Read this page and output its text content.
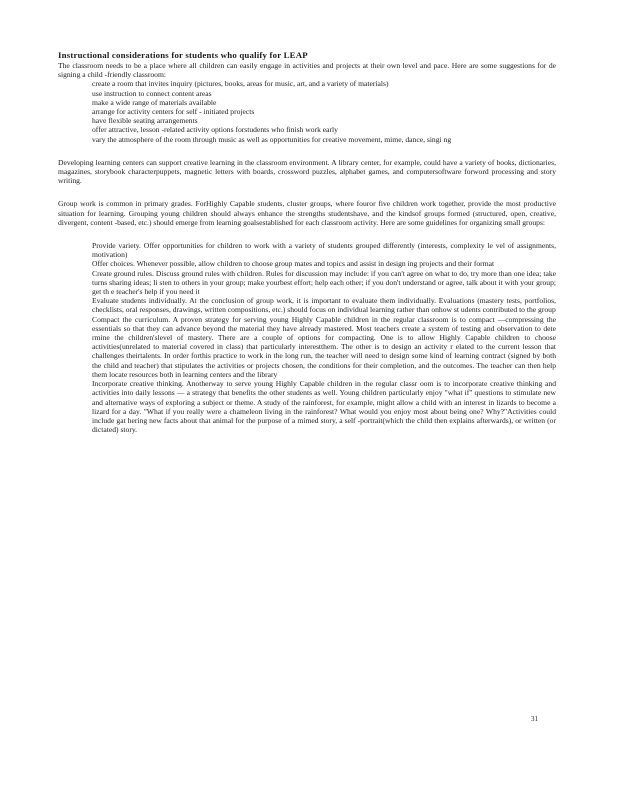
Instructional considerations for students who qualify for LEAP

The classroom needs to be a place where all children can easily engage in activities and projects at their own level and pace. Here are some suggestions for de signing a child -friendly classroom:

create a room that invites inquiry (pictures, books, areas for music, art, and a variety of materials)
use instruction to connect content areas
make a wide range of materials available
arrange for activity centers for self - initiated projects
have flexible seating arrangements
offer attractive, lesson -related activity options forstudents who finish work early
vary the atmosphere of the room through music as well as opportunities for creative movement, mime, dance, singi ng

Developing learning centers can support creative learning in the classroom environment. A library center, for example, could have a variety of books, dictionaries, magazines, storybook characterpuppets, magnetic letters with boards, crossword puzzles, alphabet games, and computersoftware forword processing and story writing.

Group work is common in primary grades. ForHighly Capable students, cluster groups, where fouror five children work together, provide the most productive situation for learning. Grouping young children should always enhance the strengths studentshave, and the kindsof groups formed (structured, open, creative, divergent, content -based, etc.) should emerge from learning goalsestablished for each classroom activity. Here are some guidelines for organizing small groups:

Provide variety. Offer opportunities for children to work with a variety of students grouped differently (interests, complexity le vel of assignments, motivation)
Offer choices. Whenever possible, allow children to choose group mates and topics and assist in design ing projects and their format
Create ground rules. Discuss ground rules with children. Rules for discussion may include: if you can't agree on what to do, try more than one idea; take turns sharing ideas; li sten to others in your group; make yourbest effort; help each other; if you don't understand or agree, talk about it with your group; get th e teacher's help if you need it
Evaluate students individually. At the conclusion of group work, it is important to evaluate them individually. Evaluations (mastery tests, portfolios, checklists, oral responses, drawings, written compositions, etc.) should focus on individual learning rather than onhow st udents contributed to the group
Compact the curriculum. A proven strategy for serving young Highly Capable children in the regular classroom is to compact —compressing the essentials so that they can advance beyond the material they have already mastered. Most teachers create a system of testing and observation to dete rmine the children'slevel of mastery. There are a couple of options for compacting. One is to allow Highly Capable children to choose activities(unrelated to material covered in class) that particularly interestthem. The other is to design an activity r elated to the current lesson that challenges theirtalents. In order forthis practice to work in the long run, the teacher will need to design some kind of learning contract (signed by both the child and teacher) that stipulates the activities or projects chosen, the conditions for their completion, and the outcomes. The teacher can then help them locate resources both in learning centers and the library
Incorporate creative thinking. Anotherway to serve young Highly Capable children in the regular classr oom is to incorporate creative thinking and activities into daily lessons — a strategy that benefits the other students as well. Young children particularly enjoy "what if" questions to stimulate new and alternative ways of exploring a subject or theme. A study of the rainforest, for example, might allow a child with an interest in lizards to become a lizard for a day. "What if you really were a chameleon living in the rainforest? What would you enjoy most about being one? Why?"Activities could include gat hering new facts about that animal for the purpose of a mimed story, a self -portrait(which the child then explains afterwards), or written (or dictated) story.
31
